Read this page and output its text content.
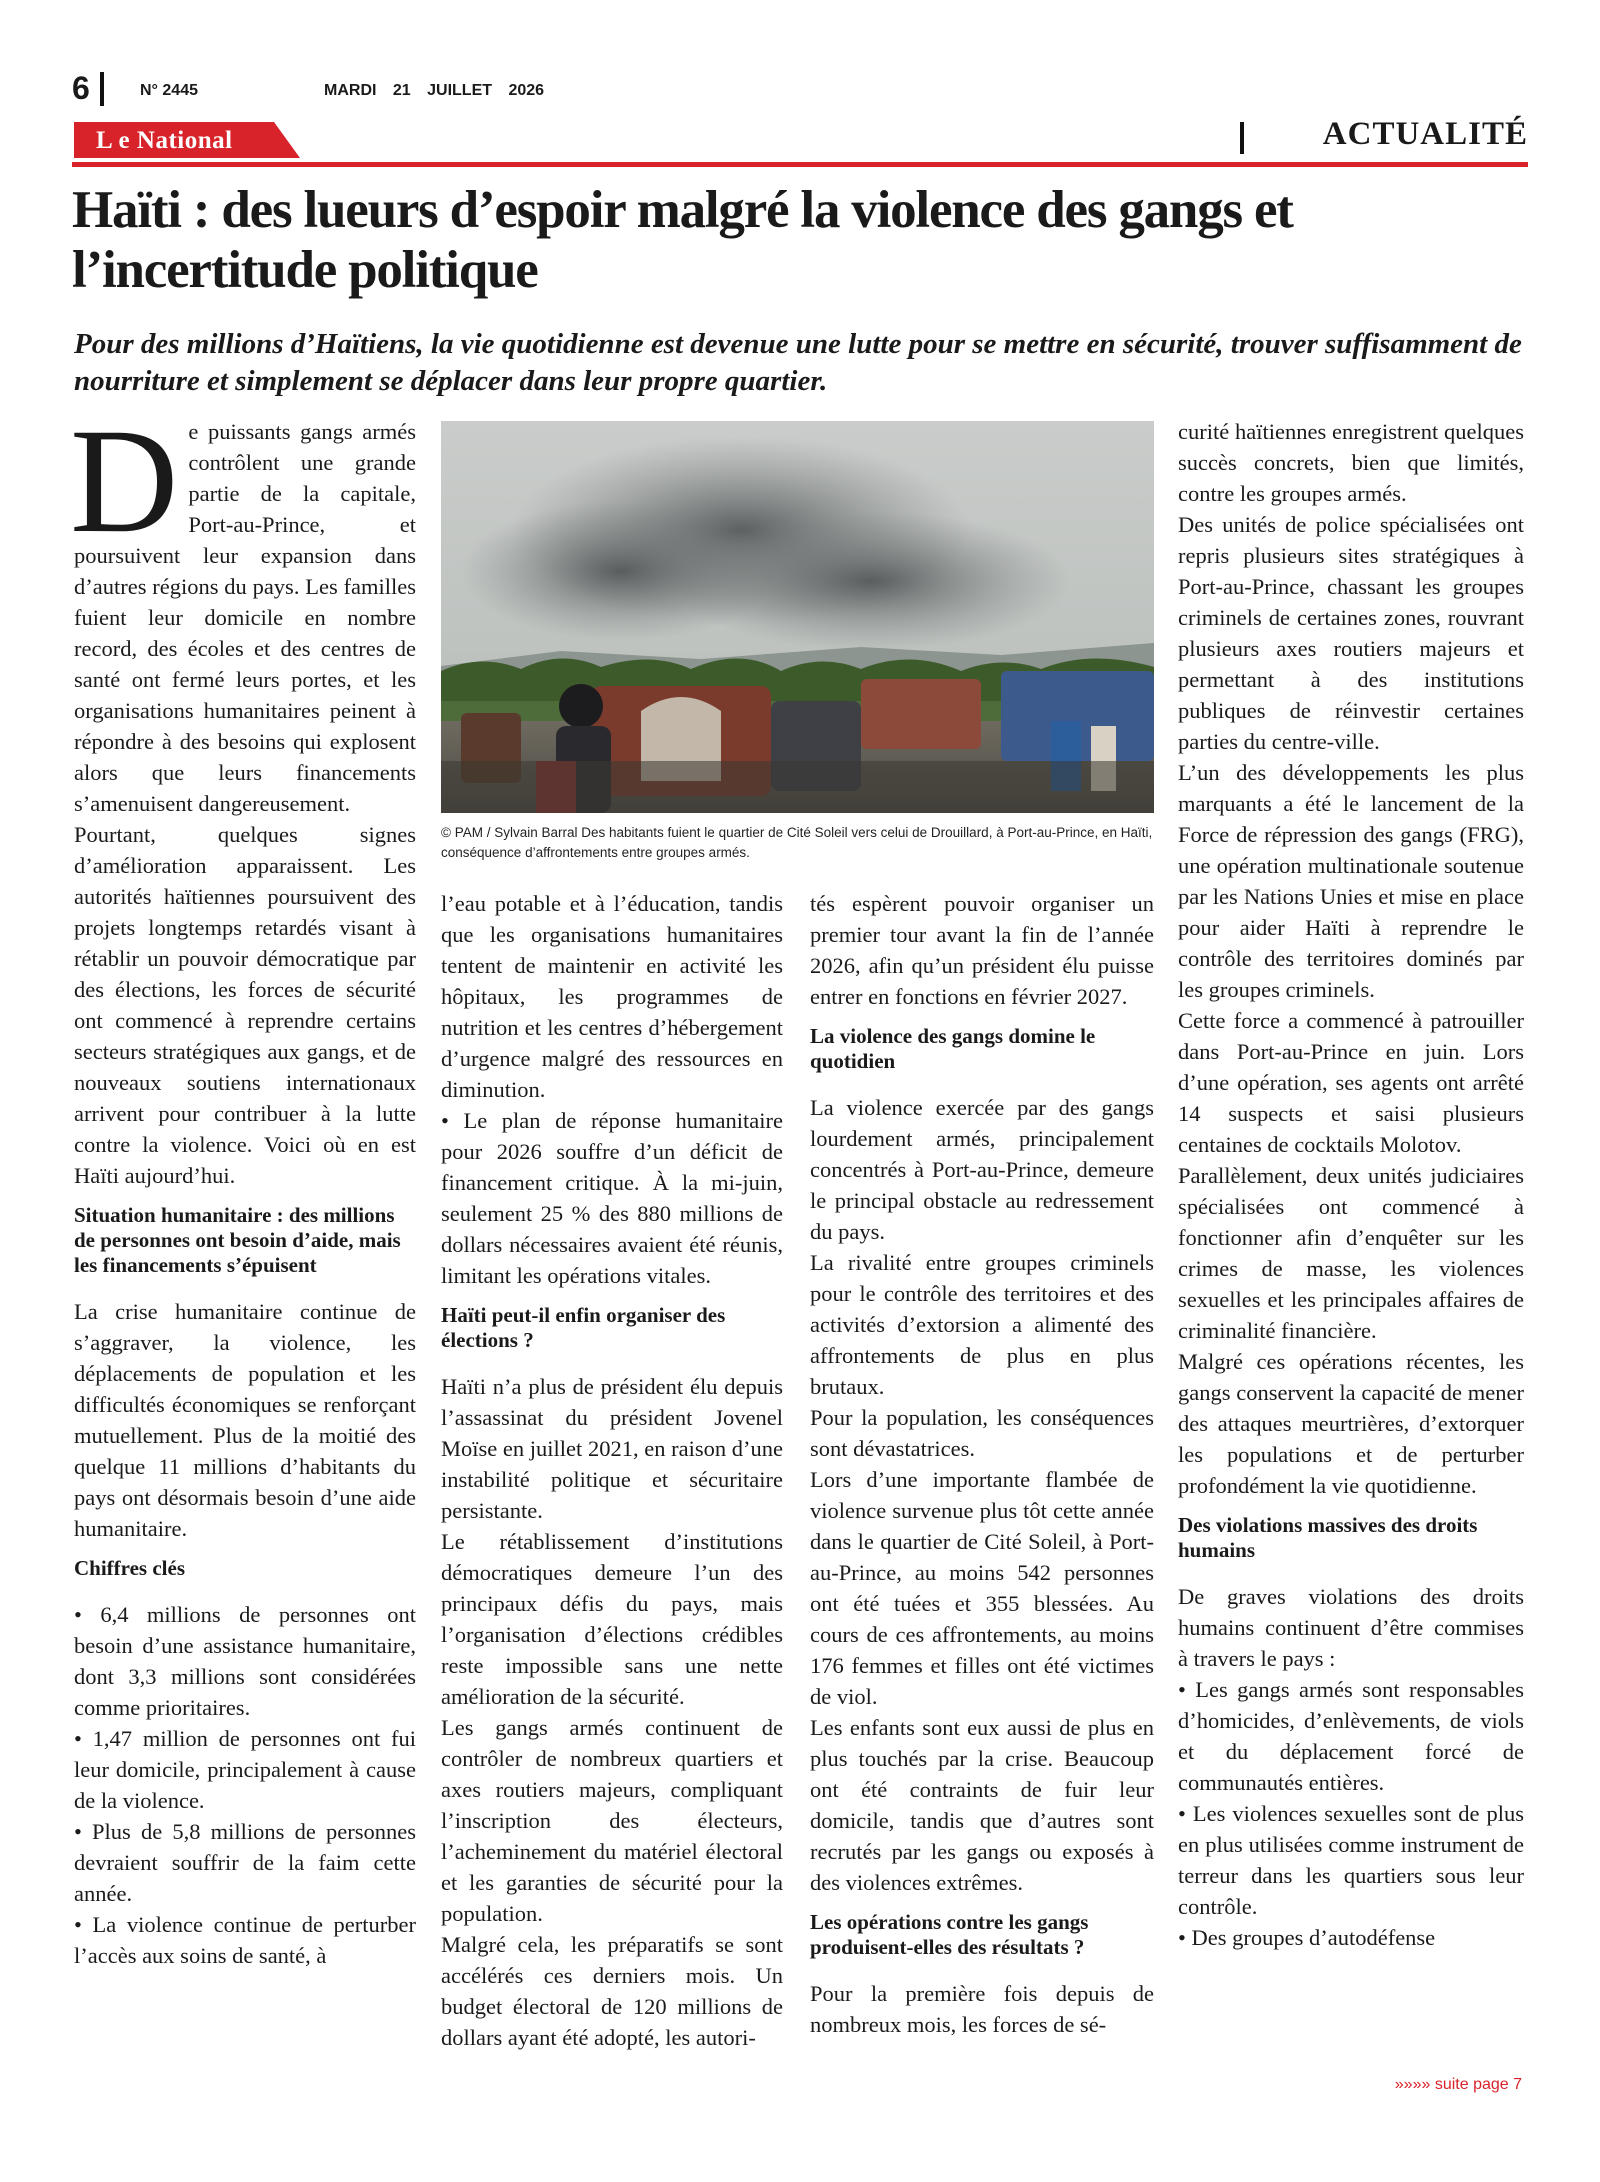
6	N° 2445	MARDI 21 JUILLET 2026
L e National	ACTUALITÉ
Haïti : des lueurs d’espoir malgré la violence des gangs et l’incertitude politique

Pour des millions d’Haïtiens, la vie quotidienne est devenue une lutte pour se mettre en sécurité, trouver suffisamment de nourriture et simplement se déplacer dans leur propre quartier.

D e puissants gangs armés contrôlent une grande partie de la capitale, Port-au-Prince, et poursuivent leur expansion dans d’autres régions du pays. Les familles fuient leur domicile en nombre record, des écoles et des centres de santé ont fermé leurs portes, et les organisations humanitaires peinent à répondre à des besoins qui explosent alors que leurs financements s’amenuisent dangereusement.

Pourtant, quelques signes d’amélioration apparaissent. Les autorités haïtiennes poursuivent des projets longtemps retardés visant à rétablir un pouvoir démocratique par des élections, les forces de sécurité ont commencé à reprendre certains secteurs stratégiques aux gangs, et de nouveaux soutiens internationaux arrivent pour contribuer à la lutte contre la violence. Voici où en est Haïti aujourd’hui.

Situation humanitaire : des millions de personnes ont besoin d’aide, mais les financements s’épuisent

La crise humanitaire continue de s’aggraver, la violence, les déplacements de population et les difficultés économiques se renforçant mutuellement. Plus de la moitié des quelque 11 millions d’habitants du pays ont désormais besoin d’une aide humanitaire.

Chiffres clés

• 6,4 millions de personnes ont besoin d’une assistance humanitaire, dont 3,3 millions sont considérées comme prioritaires.

• 1,47 million de personnes ont fui leur domicile, principalement à cause de la violence.

• Plus de 5,8 millions de personnes devraient souffrir de la faim cette année.

• La violence continue de perturber l’accès aux soins de santé, à

© PAM / Sylvain Barral Des habitants fuient le quartier de Cité Soleil vers celui de Drouillard, à Port-au-Prince, en Haïti, conséquence d’affrontements entre groupes armés.

l’eau potable et à l’éducation, tandis que les organisations humanitaires tentent de maintenir en activité les hôpitaux, les programmes de nutrition et les centres d’hébergement d’urgence malgré des ressources en diminution.

• Le plan de réponse humanitaire pour 2026 souffre d’un déficit de financement critique. À la mi-juin, seulement 25 % des 880 millions de dollars nécessaires avaient été réunis, limitant les opérations vitales.

Haïti peut-il enfin organiser des élections ?

Haïti n’a plus de président élu depuis l’assassinat du président Jovenel Moïse en juillet 2021, en raison d’une instabilité politique et sécuritaire persistante.

Le rétablissement d’institutions démocratiques demeure l’un des principaux défis du pays, mais l’organisation d’élections crédibles reste impossible sans une nette amélioration de la sécurité.

Les gangs armés continuent de contrôler de nombreux quartiers et axes routiers majeurs, compliquant l’inscription des électeurs, l’acheminement du matériel électoral et les garanties de sécurité pour la population.

Malgré cela, les préparatifs se sont accélérés ces derniers mois. Un budget électoral de 120 millions de dollars ayant été adopté, les autori-

tés espèrent pouvoir organiser un premier tour avant la fin de l’année 2026, afin qu’un président élu puisse entrer en fonctions en février 2027.

La violence des gangs domine le quotidien

La violence exercée par des gangs lourdement armés, principalement concentrés à Port-au-Prince, demeure le principal obstacle au redressement du pays.

La rivalité entre groupes criminels pour le contrôle des territoires et des activités d’extorsion a alimenté des affrontements de plus en plus brutaux.

Pour la population, les conséquences sont dévastatrices.

Lors d’une importante flambée de violence survenue plus tôt cette année dans le quartier de Cité Soleil, à Port-au-Prince, au moins 542 personnes ont été tuées et 355 blessées. Au cours de ces affrontements, au moins 176 femmes et filles ont été victimes de viol.

Les enfants sont eux aussi de plus en plus touchés par la crise. Beaucoup ont été contraints de fuir leur domicile, tandis que d’autres sont recrutés par les gangs ou exposés à des violences extrêmes.

Les opérations contre les gangs produisent-elles des résultats ?

Pour la première fois depuis de nombreux mois, les forces de sé-

curité haïtiennes enregistrent quelques succès concrets, bien que limités, contre les groupes armés.

Des unités de police spécialisées ont repris plusieurs sites stratégiques à Port-au-Prince, chassant les groupes criminels de certaines zones, rouvrant plusieurs axes routiers majeurs et permettant à des institutions publiques de réinvestir certaines parties du centre-ville.

L’un des développements les plus marquants a été le lancement de la Force de répression des gangs (FRG), une opération multinationale soutenue par les Nations Unies et mise en place pour aider Haïti à reprendre le contrôle des territoires dominés par les groupes criminels.

Cette force a commencé à patrouiller dans Port-au-Prince en juin. Lors d’une opération, ses agents ont arrêté 14 suspects et saisi plusieurs centaines de cocktails Molotov.

Parallèlement, deux unités judiciaires spécialisées ont commencé à fonctionner afin d’enquêter sur les crimes de masse, les violences sexuelles et les principales affaires de criminalité financière.

Malgré ces opérations récentes, les gangs conservent la capacité de mener des attaques meurtrières, d’extorquer les populations et de perturber profondément la vie quotidienne.

Des violations massives des droits humains

De graves violations des droits humains continuent d’être commises à travers le pays :

• Les gangs armés sont responsables d’homicides, d’enlèvements, de viols et du déplacement forcé de communautés entières.

• Les violences sexuelles sont de plus en plus utilisées comme instrument de terreur dans les quartiers sous leur contrôle.

• Des groupes d’autodéfense

»»»» suite page 7
